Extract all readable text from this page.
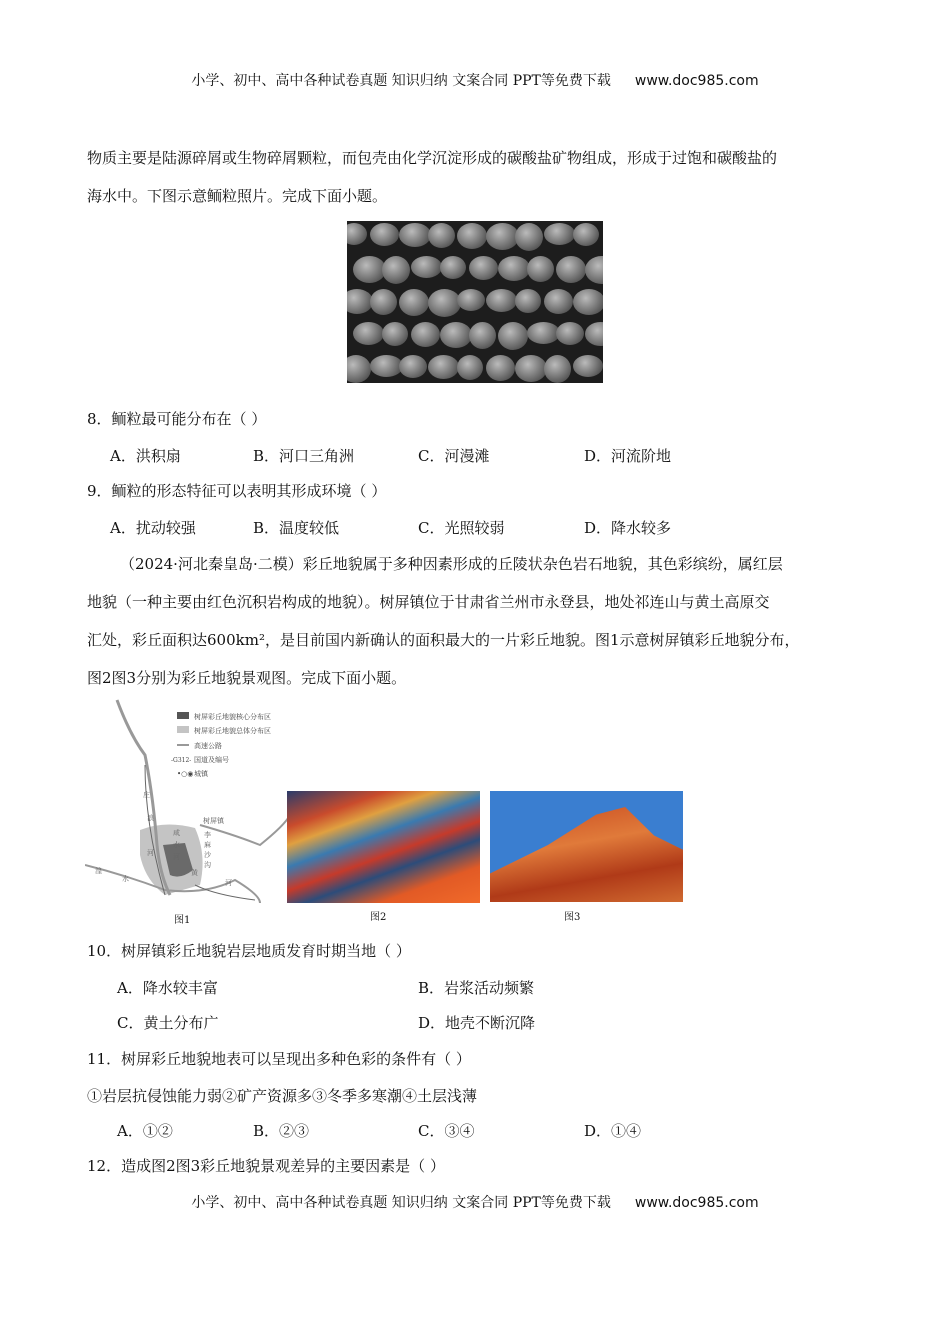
小学、初中、高中各种试卷真题 知识归纳 文案合同 PPT等免费下载 www.doc985.com
物质主要是陆源碎屑或生物碎屑颗粒，而包壳由化学沉淀形成的碳酸盐矿物组成，形成于过饱和碳酸盐的
海水中。下图示意鲕粒照片。完成下面小题。
8．鲕粒最可能分布在（ ）
A．洪积扇	B．河口三角洲	C．河漫滩	D．河流阶地
9．鲕粒的形态特征可以表明其形成环境（ ）
A．扰动较强	B．温度较低	C．光照较弱	D．降水较多
（2024·河北秦皇岛·二模）彩丘地貌属于多种因素形成的丘陵状杂色岩石地貌，其色彩缤纷，属红层
地貌（一种主要由红色沉积岩构成的地貌）。树屏镇位于甘肃省兰州市永登县，地处祁连山与黄土高原交
汇处，彩丘面积达600km²，是目前国内新确认的面积最大的一片彩丘地貌。图1示意树屏镇彩丘地貌分布，
图2图3分别为彩丘地貌景观图。完成下面小题。
树屏彩丘地貌核心分布区
树屏彩丘地貌总体分布区
高速公路
-G312- 国道及编号
•○◉ 城镇
庄
浪
河
咸
水
河
树屏镇
李
麻
沙
沟
湟
水
黄
河
图1	图2	图3
10．树屏镇彩丘地貌岩层地质发育时期当地（ ）
A．降水较丰富	B．岩浆活动频繁
C．黄土分布广	D．地壳不断沉降
11．树屏彩丘地貌地表可以呈现出多种色彩的条件有（ ）
①岩层抗侵蚀能力弱②矿产资源多③冬季多寒潮④土层浅薄
A．①②	B．②③	C．③④	D．①④
12．造成图2图3彩丘地貌景观差异的主要因素是（ ）
小学、初中、高中各种试卷真题 知识归纳 文案合同 PPT等免费下载 www.doc985.com
